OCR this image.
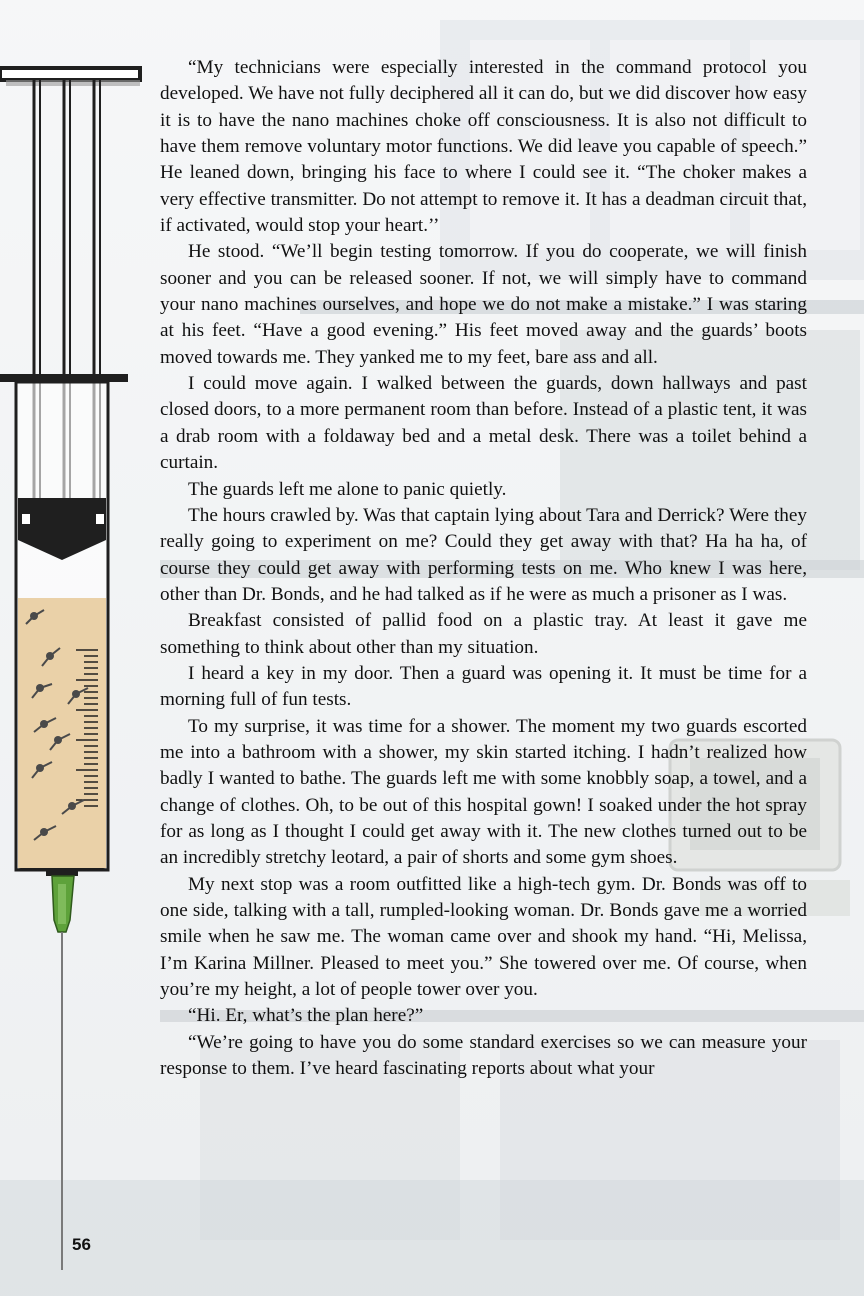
“My technicians were especially interested in the command protocol you developed. We have not fully deciphered all it can do, but we did discover how easy it is to have the nano machines choke off consciousness. It is also not difficult to have them remove voluntary motor functions. We did leave you capable of speech.” He leaned down, bringing his face to where I could see it. “The choker makes a very effective transmitter. Do not attempt to remove it. It has a deadman circuit that, if activated, would stop your heart.’’

He stood. “We’ll begin testing tomorrow. If you do cooperate, we will finish sooner and you can be released sooner. If not, we will simply have to command your nano machines ourselves, and hope we do not make a mistake.” I was staring at his feet. “Have a good evening.” His feet moved away and the guards’ boots moved towards me. They yanked me to my feet, bare ass and all.

I could move again. I walked between the guards, down hallways and past closed doors, to a more permanent room than before. Instead of a plastic tent, it was a drab room with a foldaway bed and a metal desk. There was a toilet behind a curtain.

The guards left me alone to panic quietly.

The hours crawled by. Was that captain lying about Tara and Derrick? Were they really going to experiment on me? Could they get away with that? Ha ha ha, of course they could get away with performing tests on me. Who knew I was here, other than Dr. Bonds, and he had talked as if he were as much a prisoner as I was.

Breakfast consisted of pallid food on a plastic tray. At least it gave me something to think about other than my situation.

I heard a key in my door. Then a guard was opening it. It must be time for a morning full of fun tests.

To my surprise, it was time for a shower. The moment my two guards escorted me into a bathroom with a shower, my skin started itching. I hadn’t realized how badly I wanted to bathe. The guards left me with some knobbly soap, a towel, and a change of clothes. Oh, to be out of this hospital gown! I soaked under the hot spray for as long as I thought I could get away with it. The new clothes turned out to be an incredibly stretchy leotard, a pair of shorts and some gym shoes.

My next stop was a room outfitted like a high-tech gym. Dr. Bonds was off to one side, talking with a tall, rumpled-looking woman. Dr. Bonds gave me a worried smile when he saw me. The woman came over and shook my hand. “Hi, Melissa, I’m Karina Millner. Pleased to meet you.” She towered over me. Of course, when you’re my height, a lot of people tower over you.

“Hi. Er, what’s the plan here?”

“We’re going to have you do some standard exercises so we can measure your response to them. I’ve heard fascinating reports about what your

56
